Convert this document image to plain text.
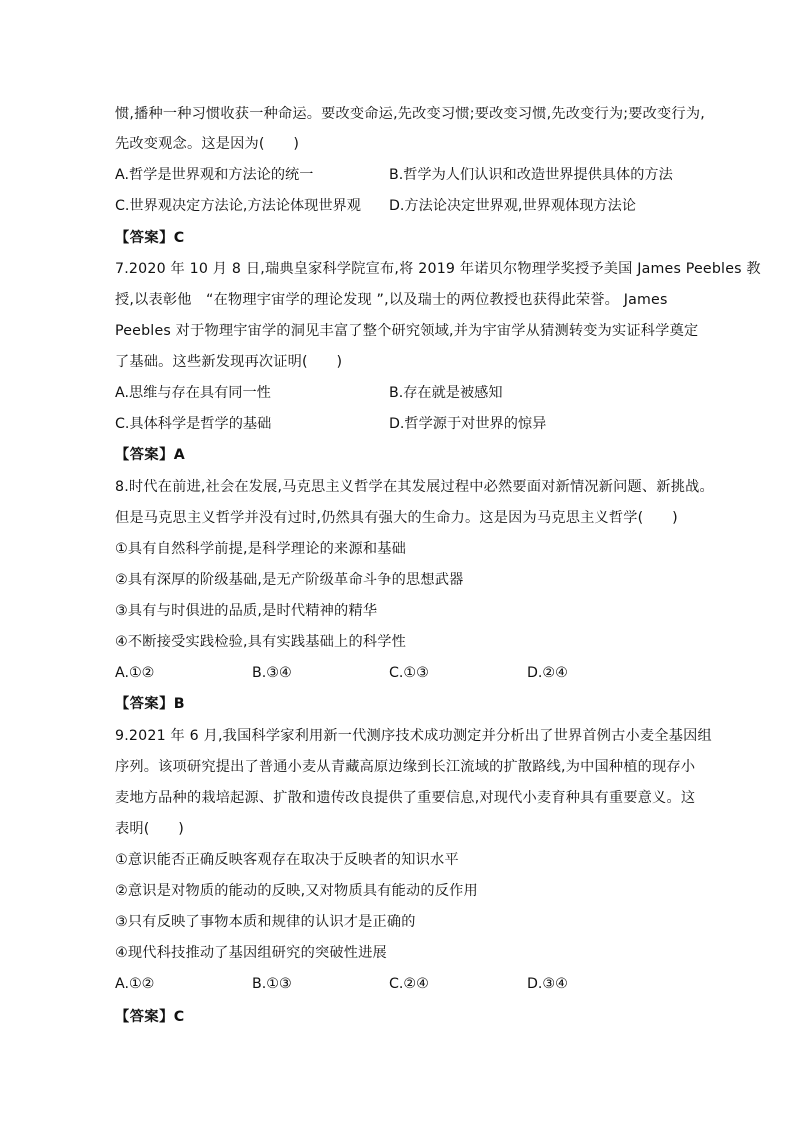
惯,播种一种习惯收获一种命运。要改变命运,先改变习惯;要改变习惯,先改变行为;要改变行为,
先改变观念。这是因为(　　)
A.哲学是世界观和方法论的统一	B.哲学为人们认识和改造世界提供具体的方法
C.世界观决定方法论,方法论体现世界观 D.方法论决定世界观,世界观体现方法论
【答案】C
7.2020 年 10 月 8 日,瑞典皇家科学院宣布,将 2019 年诺贝尔物理学奖授予美国 James Peebles 教
授,以表彰他　“在物理宇宙学的理论发现 ”,以及瑞士的两位教授也获得此荣誉。 James
Peebles 对于物理宇宙学的洞见丰富了整个研究领域,并为宇宙学从猜测转变为实证科学奠定
了基础。这些新发现再次证明(　　)
A.思维与存在具有同一性	B.存在就是被感知
C.具体科学是哲学的基础	D.哲学源于对世界的惊异
【答案】A
8.时代在前进,社会在发展,马克思主义哲学在其发展过程中必然要面对新情况新问题、新挑战。
但是马克思主义哲学并没有过时,仍然具有强大的生命力。这是因为马克思主义哲学(　　)
①具有自然科学前提,是科学理论的来源和基础
②具有深厚的阶级基础,是无产阶级革命斗争的思想武器
③具有与时俱进的品质,是时代精神的精华
④不断接受实践检验,具有实践基础上的科学性
A.①②	B.③④	C.①③	D.②④
【答案】B
9.2021 年 6 月,我国科学家利用新一代测序技术成功测定并分析出了世界首例古小麦全基因组
序列。该项研究提出了普通小麦从青藏高原边缘到长江流域的扩散路线,为中国种植的现存小
麦地方品种的栽培起源、扩散和遗传改良提供了重要信息,对现代小麦育种具有重要意义。这
表明(　　)
①意识能否正确反映客观存在取决于反映者的知识水平
②意识是对物质的能动的反映,又对物质具有能动的反作用
③只有反映了事物本质和规律的认识才是正确的
④现代科技推动了基因组研究的突破性进展
A.①②	B.①③	C.②④	D.③④
【答案】C
